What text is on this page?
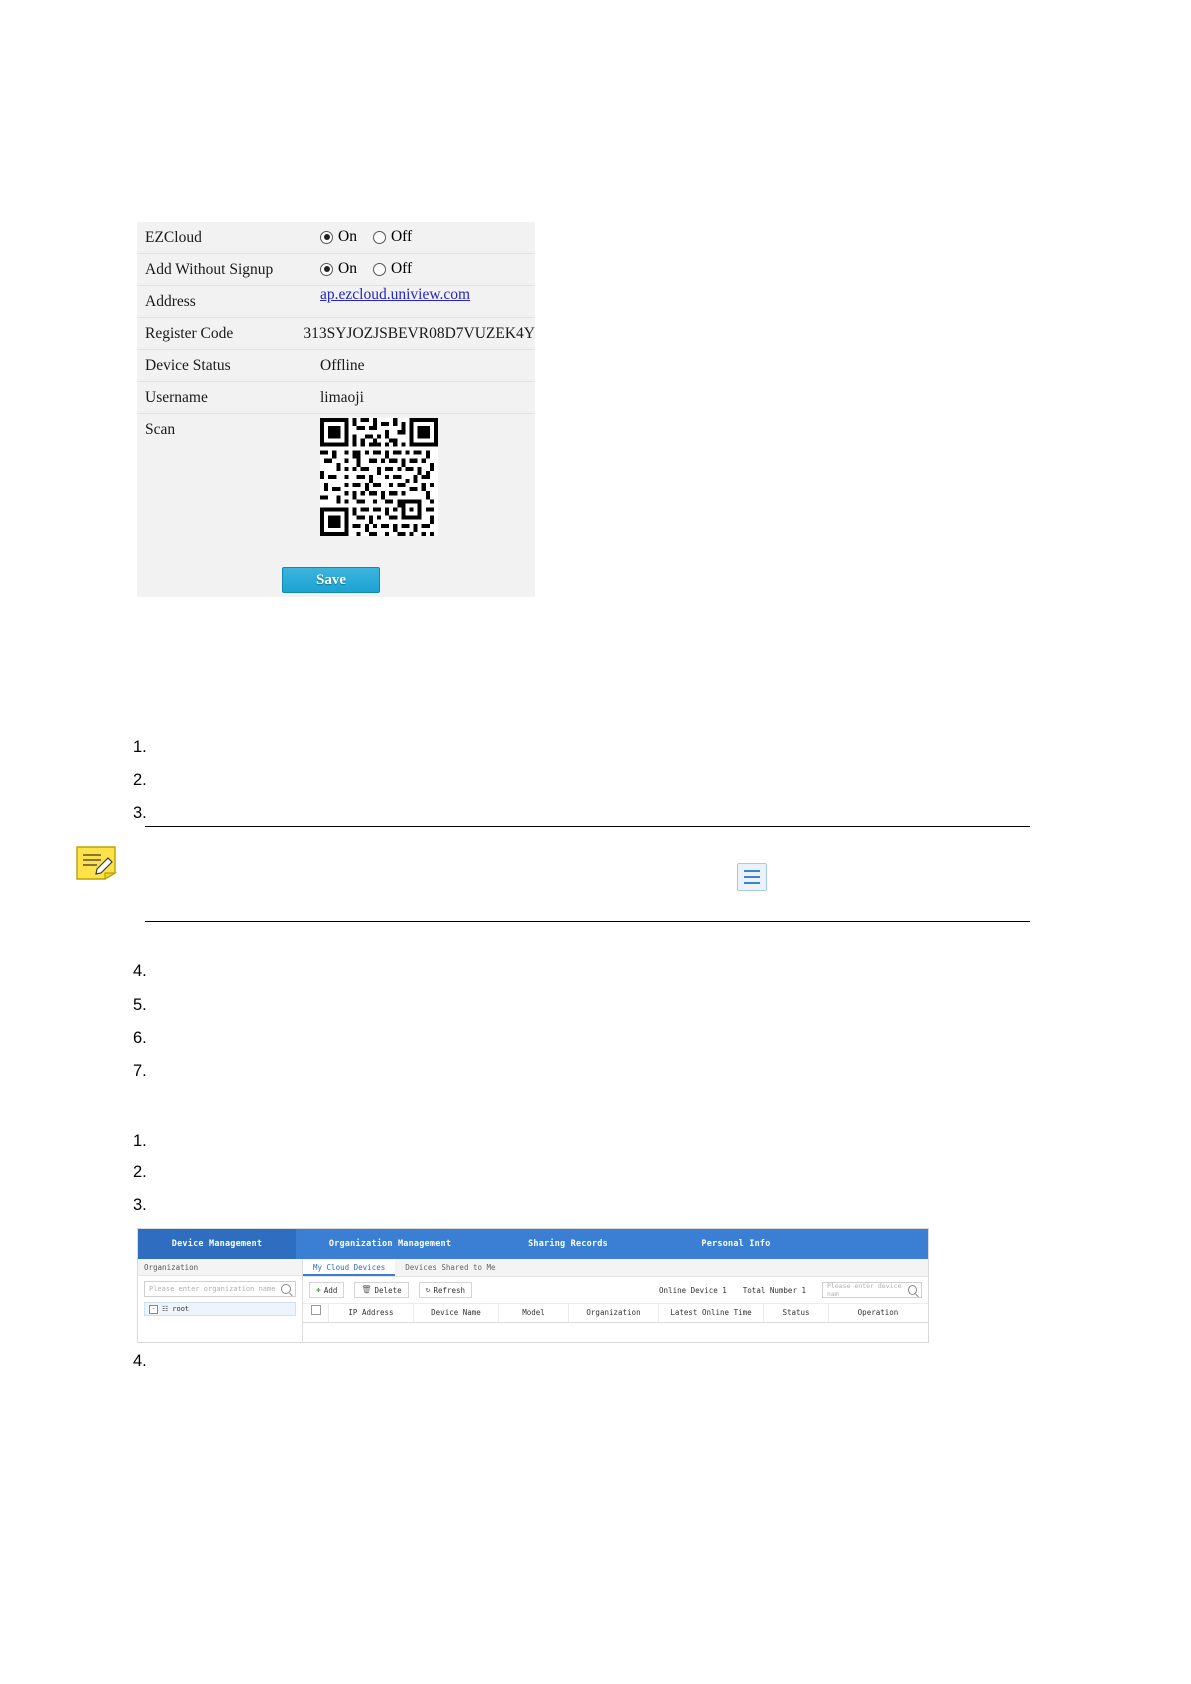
EZCloud	On Off
Add Without Signup	On Off
Address	ap.ezcloud.uniview.com
Register Code	313SYJOZJSBEVR08D7VUZEK4Y
Device Status	Offline
Username	limaoji
Scan
Save
1.
2.
3.
4.
5.
6.
7.
1.
2.
3.
Device Management	Organization Management	Sharing Records	Personal Info
Organization
Please enter organization name
- ☷ root
My Cloud Devices	Devices Shared to Me
✚ Add	🗑 Delete	↻ Refresh	Online Device 1 Total Number 1	Please enter device nam
IP Address	Device Name	Model	Organization	Latest Online Time	Status	Operation
4.
